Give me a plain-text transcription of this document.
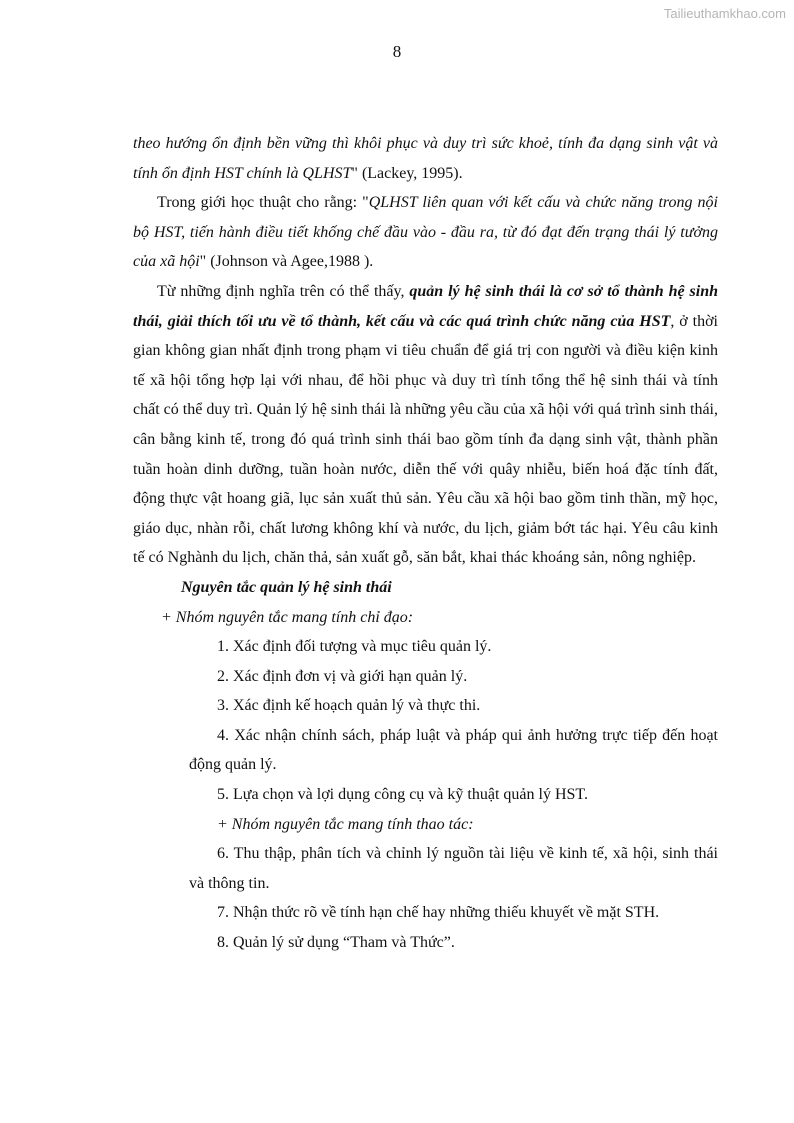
Tailieuthamkhao.com
8

theo hướng ổn định bền vững thì khôi phục và duy trì sức khoẻ, tính đa dạng sinh vật và tính ổn định HST chính là QLHST" (Lackey, 1995).

Trong giới học thuật cho rằng: "QLHST liên quan với kết cấu và chức năng trong nội bộ HST, tiến hành điều tiết khống chế đầu vào - đầu ra, từ đó đạt đến trạng thái lý tưởng của xã hội" (Johnson và Agee,1988 ).

Từ những định nghĩa trên có thể thấy, quản lý hệ sinh thái là cơ sở tổ thành hệ sinh thái, giải thích tối ưu về tổ thành, kết cấu và các quá trình chức năng của HST, ở thời gian không gian nhất định trong phạm vi tiêu chuẩn để giá trị con người và điều kiện kinh tế xã hội tổng hợp lại với nhau, để hồi phục và duy trì tính tổng thể hệ sinh thái và tính chất có thể duy trì. Quản lý hệ sinh thái là những yêu cầu của xã hội với quá trình sinh thái, cân bằng kinh tế, trong đó quá trình sinh thái bao gồm tính đa dạng sinh vật, thành phần tuần hoàn dinh dưỡng, tuần hoàn nước, diễn thế với quây nhiễu, biến hoá đặc tính đất, động thực vật hoang giã, lục sản xuất thủ sản. Yêu cầu xã hội bao gồm tinh thần, mỹ học, giáo dục, nhàn rỗi, chất lương không khí và nước, du lịch, giảm bớt tác hại. Yêu câu kinh tế có Nghành du lịch, chăn thả, sản xuất gỗ, săn bắt, khai thác khoáng sản, nông nghiệp.

Nguyên tắc quản lý hệ sinh thái

+ Nhóm nguyên tắc mang tính chỉ đạo:

1. Xác định đối tượng và mục tiêu quản lý.

2. Xác định đơn vị và giới hạn quản lý.

3. Xác định kế hoạch quản lý và thực thi.

4. Xác nhận chính sách, pháp luật và pháp qui ảnh hưởng trực tiếp đến hoạt động quản lý.

5. Lựa chọn và lợi dụng công cụ và kỹ thuật quản lý HST.

+ Nhóm nguyên tắc mang tính thao tác:

6. Thu thập, phân tích và chỉnh lý nguồn tài liệu về kinh tế, xã hội, sinh thái và thông tin.

7. Nhận thức rõ về tính hạn chế hay những thiếu khuyết về mặt STH.

8. Quản lý sử dụng “Tham và Thức”.
